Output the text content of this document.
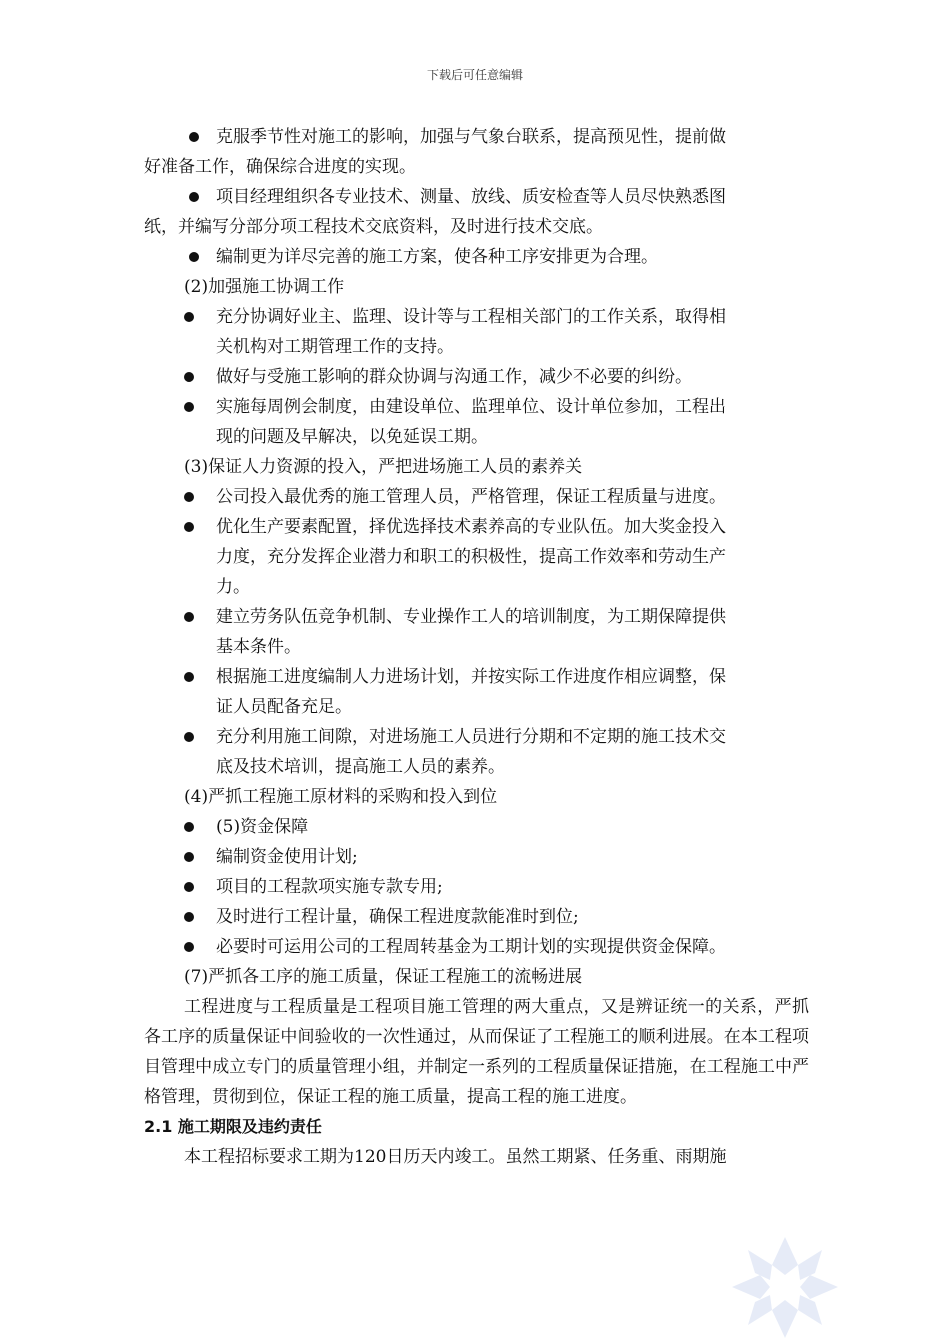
下载后可任意编辑
克服季节性对施工的影响，加强与气象台联系，提高预见性，提前做
好准备工作，确保综合进度的实现。
项目经理组织各专业技术、测量、放线、质安检查等人员尽快熟悉图
纸，并编写分部分项工程技术交底资料，及时进行技术交底。
编制更为详尽完善的施工方案，使各种工序安排更为合理。
(2)加强施工协调工作
充分协调好业主、监理、设计等与工程相关部门的工作关系，取得相
关机构对工期管理工作的支持。
做好与受施工影响的群众协调与沟通工作，减少不必要的纠纷。
实施每周例会制度，由建设单位、监理单位、设计单位参加，工程出
现的问题及早解决，以免延误工期。
(3)保证人力资源的投入，严把进场施工人员的素养关
公司投入最优秀的施工管理人员，严格管理，保证工程质量与进度。
优化生产要素配置，择优选择技术素养高的专业队伍。加大奖金投入
力度，充分发挥企业潜力和职工的积极性，提高工作效率和劳动生产
力。
建立劳务队伍竞争机制、专业操作工人的培训制度，为工期保障提供
基本条件。
根据施工进度编制人力进场计划，并按实际工作进度作相应调整，保
证人员配备充足。
充分利用施工间隙，对进场施工人员进行分期和不定期的施工技术交
底及技术培训，提高施工人员的素养。
(4)严抓工程施工原材料的采购和投入到位
(5)资金保障
编制资金使用计划;
项目的工程款项实施专款专用;
及时进行工程计量，确保工程进度款能准时到位;
必要时可运用公司的工程周转基金为工期计划的实现提供资金保障。
(7)严抓各工序的施工质量，保证工程施工的流畅进展
工程进度与工程质量是工程项目施工管理的两大重点，又是辨证统一的关系，严抓各工序的质量保证中间验收的一次性通过，从而保证了工程施工的顺利进展。在本工程项目管理中成立专门的质量管理小组，并制定一系列的工程质量保证措施，在工程施工中严格管理，贯彻到位，保证工程的施工质量，提高工程的施工进度。
2.1 施工期限及违约责任
本工程招标要求工期为120日历天内竣工。虽然工期紧、任务重、雨期施
